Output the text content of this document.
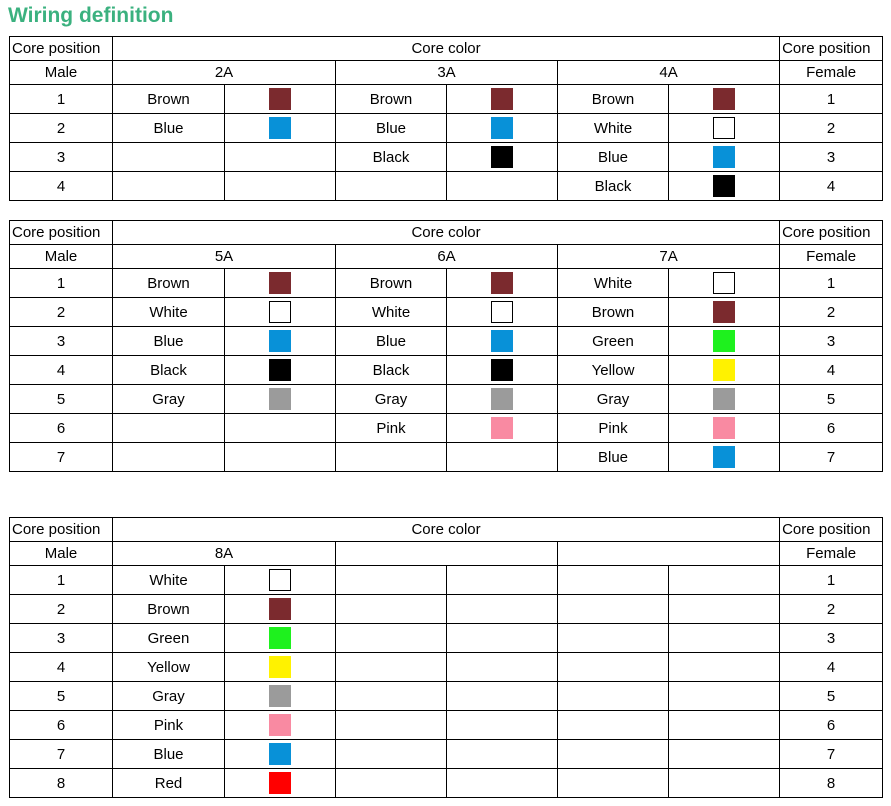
Wiring definition
Core position	Core color						Core position
Male	2A		3A		4A		Female
1	Brown		Brown		Brown		1
2	Blue		Blue		White		2
3			Black		Blue		3
4					Black		4
Core position	Core color						Core position
Male	5A		6A		7A		Female
1	Brown		Brown		White		1
2	White		White		Brown		2
3	Blue		Blue		Green		3
4	Black		Black		Yellow		4
5	Gray		Gray		Gray		5
6			Pink		Pink		6
7					Blue		7
Core position	Core color						Core position
Male	8A						Female
1	White						1
2	Brown						2
3	Green						3
4	Yellow						4
5	Gray						5
6	Pink						6
7	Blue						7
8	Red						8
